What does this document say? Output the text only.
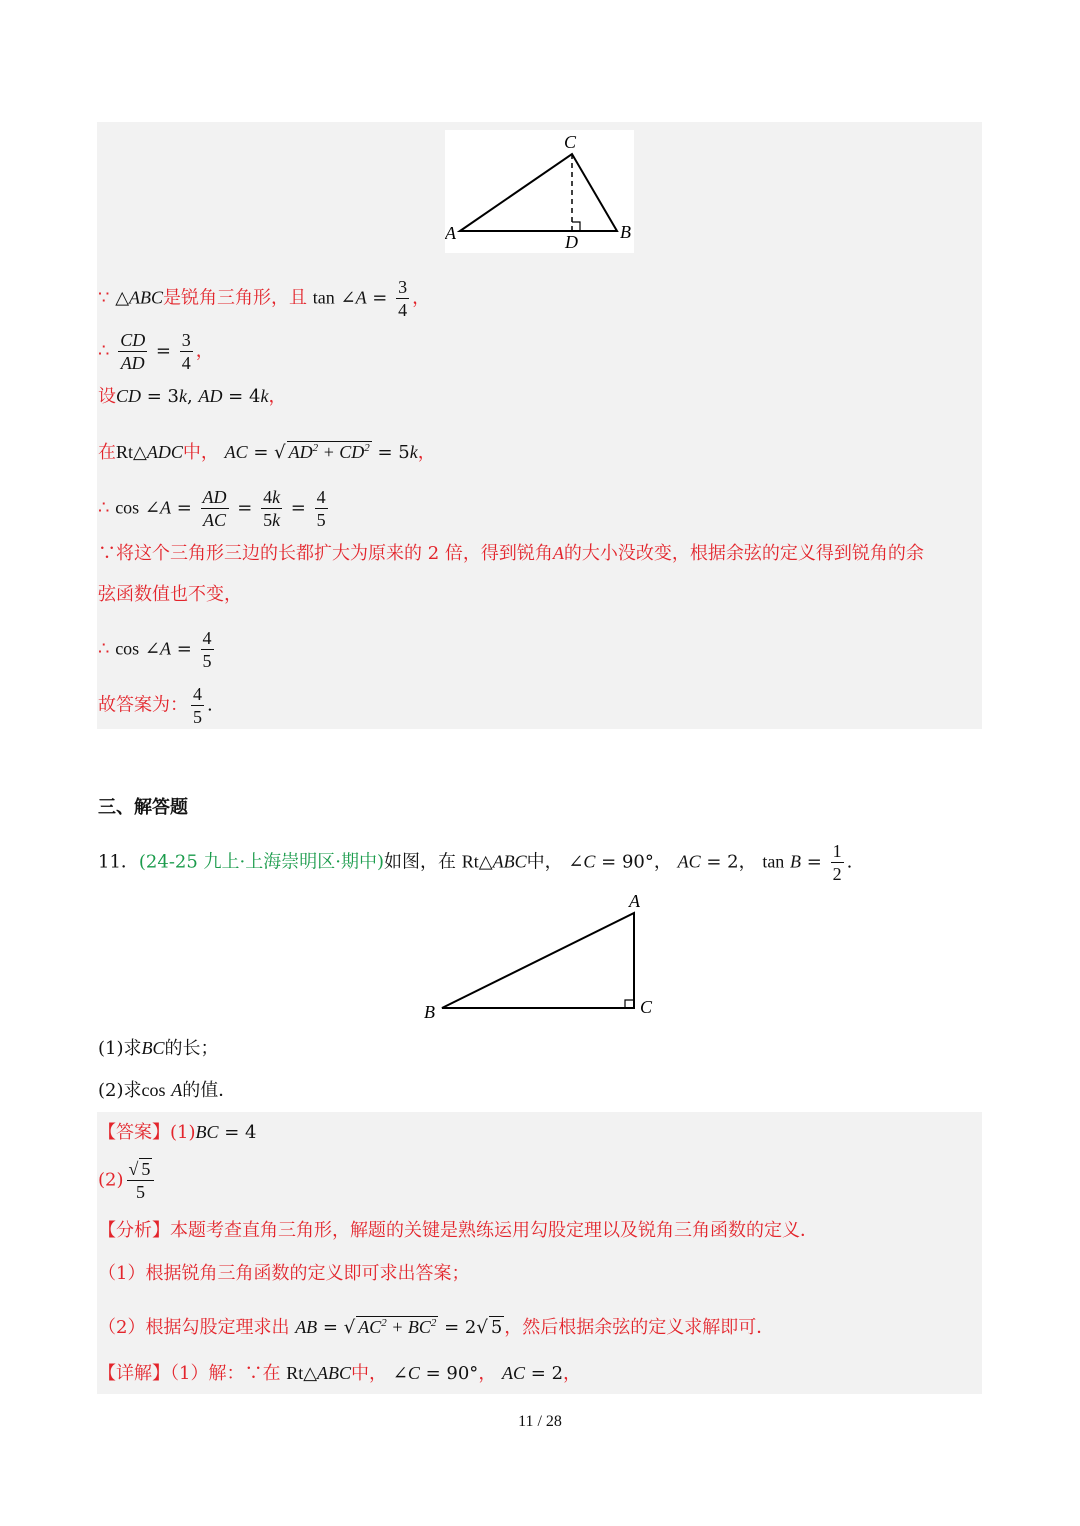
C
A	B
D
∵ △ABC是锐角三角形，且 tan ∠A = $\frac{3}{4}$ ，
∴ $\frac{CD}{AD} = \frac{3}{4}$ ，
设CD = 3k, AD = 4k，
在Rt△ADC中， AC = √ $AD^2 + CD^2 = 5k$，
∴ cos ∠A = $\frac{AD}{AC} = \frac{4k}{5k} = \frac{4}{5}$
∵将这个三角形三边的长都扩大为原来的 2 倍，得到锐角A的大小没改变，根据余弦的定义得到锐角的余
弦函数值也不变，
∴ cos ∠A = $\frac{4}{5}$
故答案为： $\frac{4}{5}$ .
三、解答题
11．(24-25 九上·上海崇明区·期中)如图，在 Rt△ABC中， ∠C = 90°， AC = 2， $\tan B = \frac{1}{2}$ .
A
B	C
(1)求BC的长；
(2)求cos A的值．
【答案】(1)BC = 4
$(2) \frac{√ 5}{5}$
【分析】本题考查直角三角形，解题的关键是熟练运用勾股定理以及锐角三角函数的定义．
（1）根据锐角三角函数的定义即可求出答案；
（2）根据勾股定理求出 AB = √ $AC^2 + BC^2 = 2√$ 5 ，然后根据余弦的定义求解即可．
【详解】（1）解：∵在 Rt△ABC中， ∠C = 90°， AC = 2，
11 / 28
